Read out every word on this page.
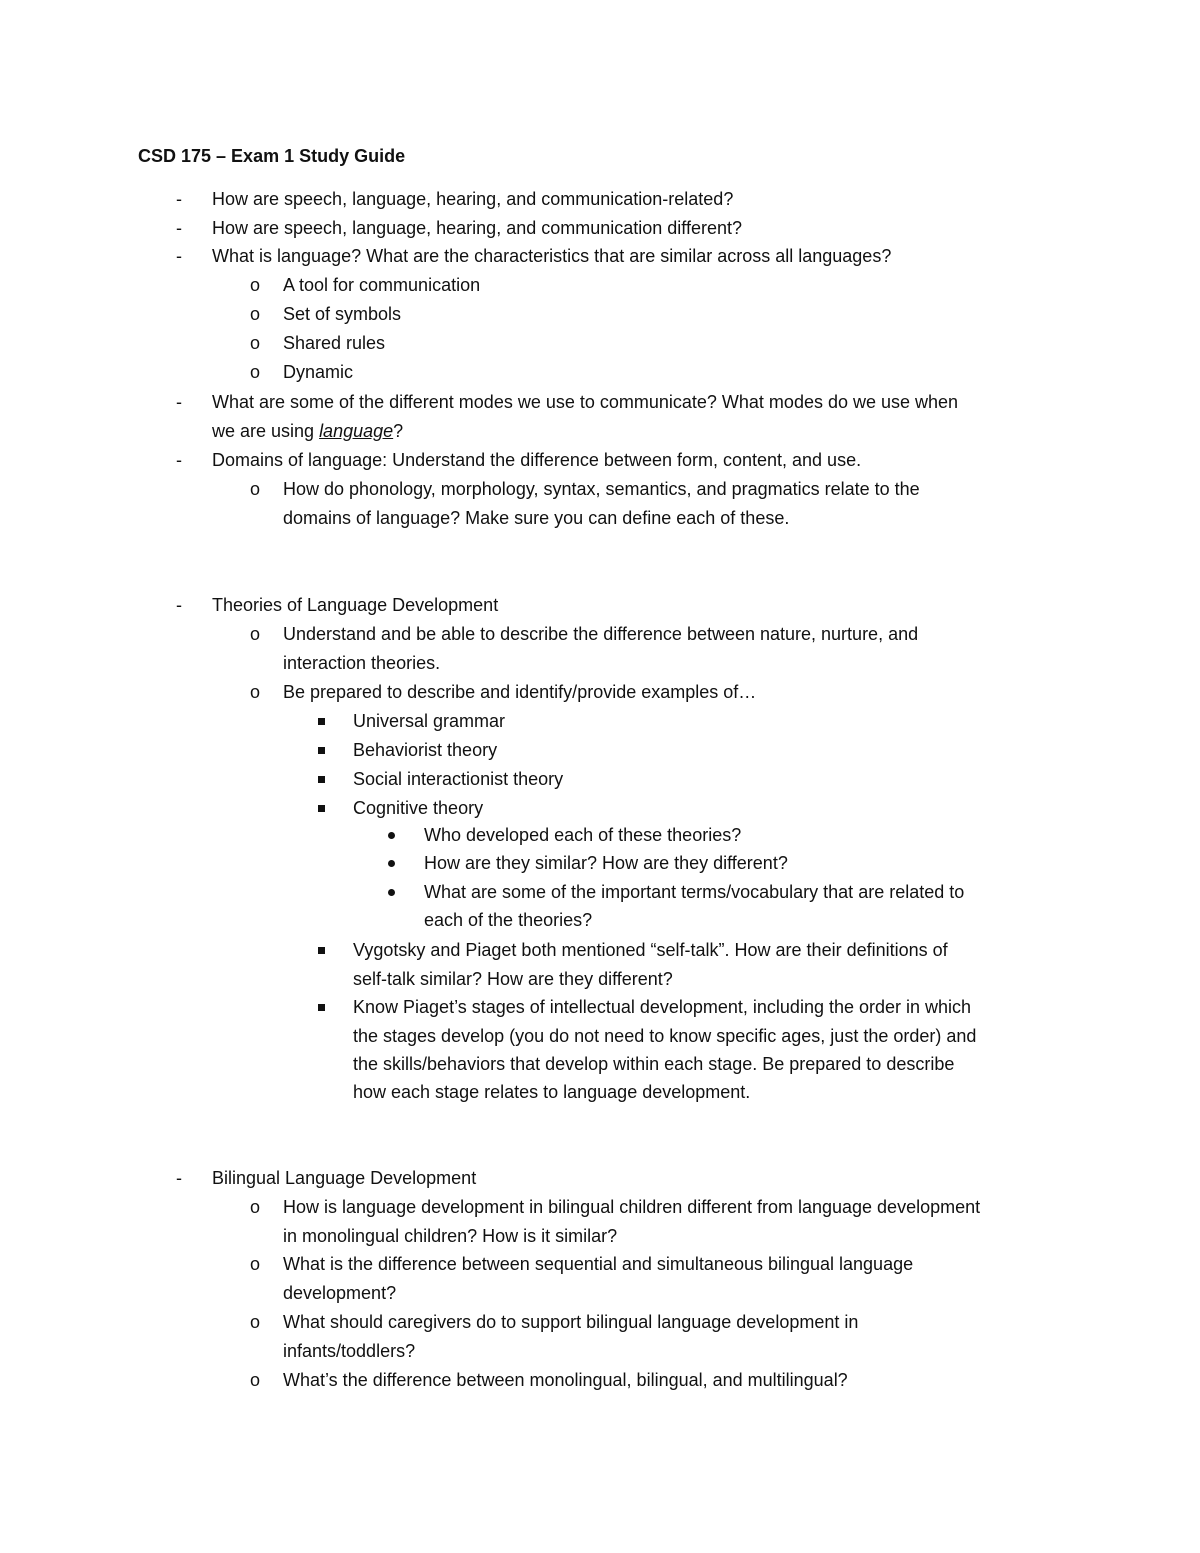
CSD 175 – Exam 1 Study Guide
- How are speech, language, hearing, and communication-related?
- How are speech, language, hearing, and communication different?
- What is language? What are the characteristics that are similar across all languages?
o A tool for communication
o Set of symbols
o Shared rules
o Dynamic
- What are some of the different modes we use to communicate? What modes do we use when
we are using language?
- Domains of language: Understand the difference between form, content, and use.
o How do phonology, morphology, syntax, semantics, and pragmatics relate to the
domains of language? Make sure you can define each of these.
- Theories of Language Development
o Understand and be able to describe the difference between nature, nurture, and
interaction theories.
o Be prepared to describe and identify/provide examples of…
Universal grammar
Behaviorist theory
Social interactionist theory
Cognitive theory
Who developed each of these theories?
How are they similar? How are they different?
What are some of the important terms/vocabulary that are related to
each of the theories?
Vygotsky and Piaget both mentioned “self-talk”. How are their definitions of
self-talk similar? How are they different?
Know Piaget’s stages of intellectual development, including the order in which
the stages develop (you do not need to know specific ages, just the order) and
the skills/behaviors that develop within each stage. Be prepared to describe
how each stage relates to language development.
- Bilingual Language Development
o How is language development in bilingual children different from language development
in monolingual children? How is it similar?
o What is the difference between sequential and simultaneous bilingual language
development?
o What should caregivers do to support bilingual language development in
infants/toddlers?
o What’s the difference between monolingual, bilingual, and multilingual?
